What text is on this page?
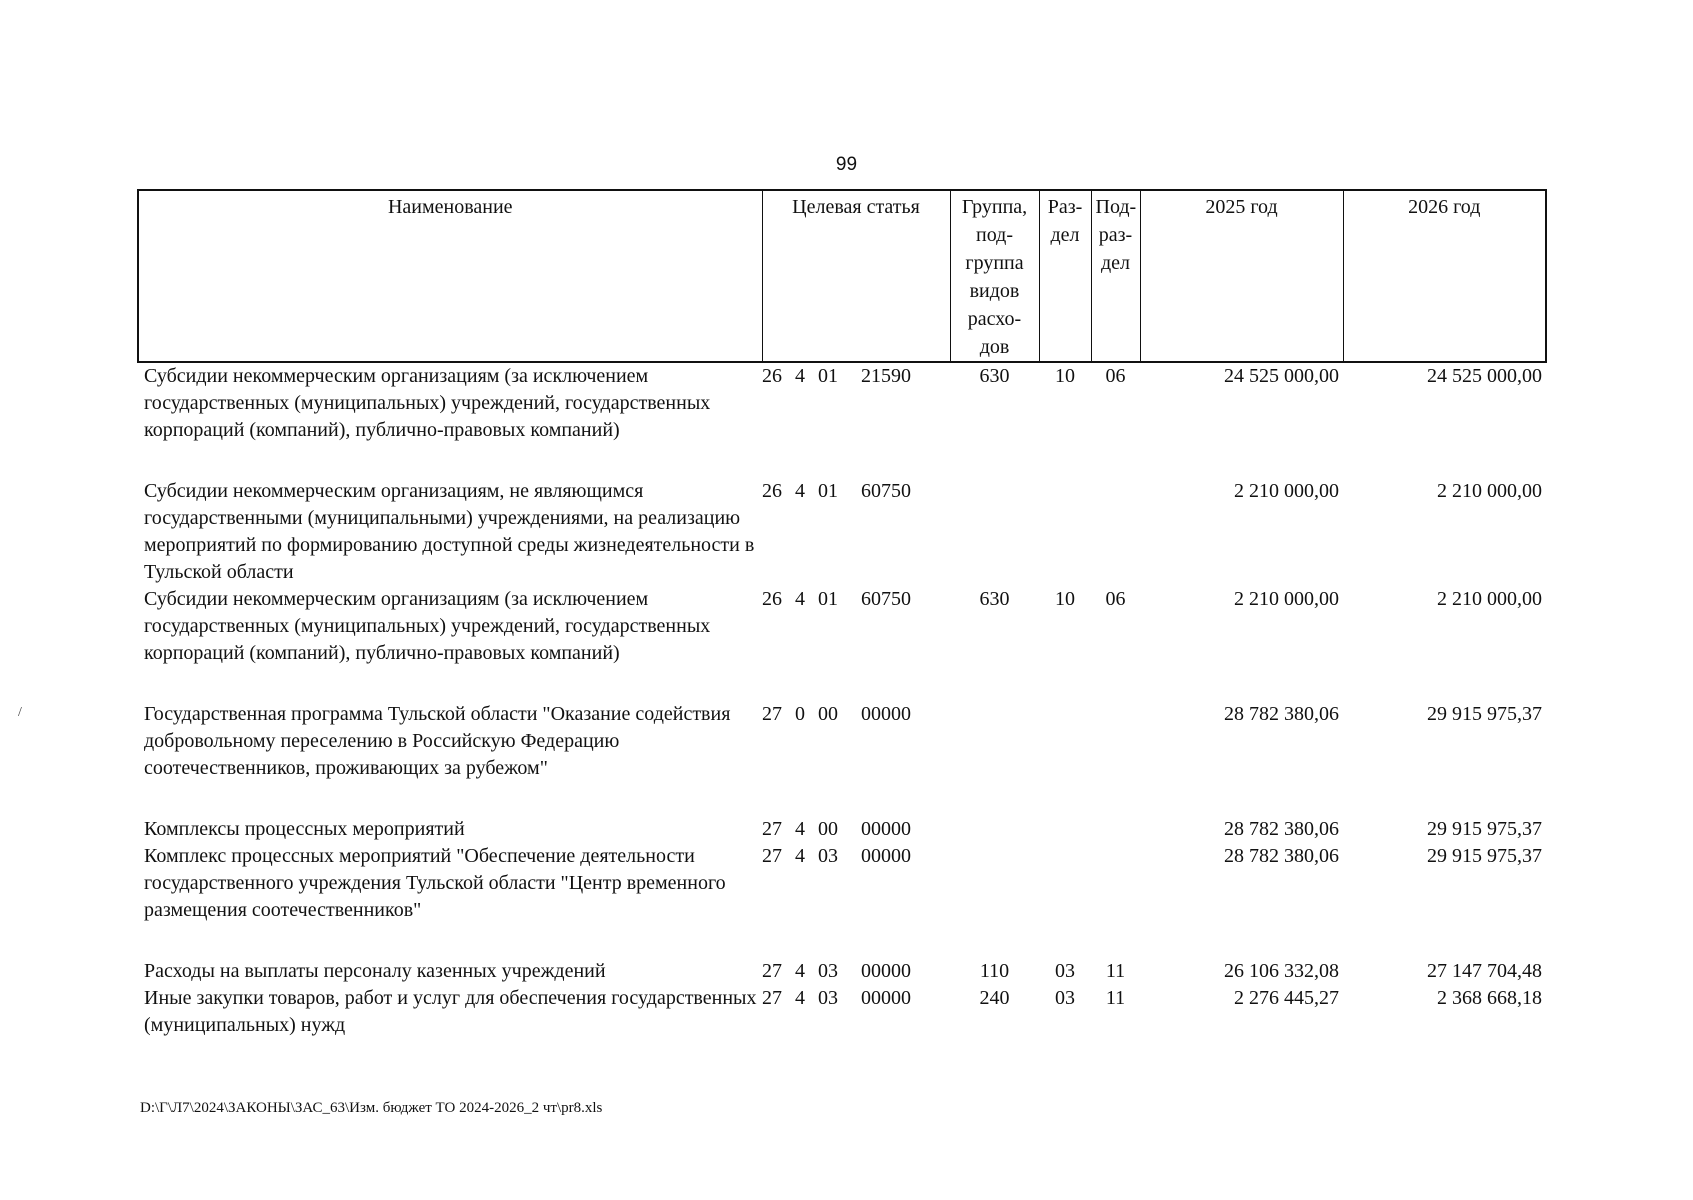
99
/
Наименование	Целевая статья	Группа, под-группа видов расхо-дов	Раз-дел	Под-раз-дел	2025 год	2026 год
Субсидии некоммерческим организациям (за исключением государственных (муниципальных) учреждений, государственных корпораций (компаний), публично-правовых компаний)	26 4 01 21590	630	10	06	24 525 000,00	24 525 000,00
Субсидии некоммерческим организациям, не являющимся государственными (муниципальными) учреждениями, на реализацию мероприятий по формированию доступной среды жизнедеятельности в Тульской области	26 4 01 60750				2 210 000,00	2 210 000,00
Субсидии некоммерческим организациям (за исключением государственных (муниципальных) учреждений, государственных корпораций (компаний), публично-правовых компаний)	26 4 01 60750	630	10	06	2 210 000,00	2 210 000,00
Государственная программа Тульской области "Оказание содействия добровольному переселению в Российскую Федерацию соотечественников, проживающих за рубежом"	27 0 00 00000				28 782 380,06	29 915 975,37
Комплексы процессных мероприятий	27 4 00 00000				28 782 380,06	29 915 975,37
Комплекс процессных мероприятий "Обеспечение деятельности государственного учреждения Тульской области "Центр временного размещения соотечественников"	27 4 03 00000				28 782 380,06	29 915 975,37
Расходы на выплаты персоналу казенных учреждений	27 4 03 00000	110	03	11	26 106 332,08	27 147 704,48
Иные закупки товаров, работ и услуг для обеспечения государственных (муниципальных) нужд	27 4 03 00000	240	03	11	2 276 445,27	2 368 668,18
D:\Г\Л7\2024\ЗАКОНЫ\ЗАС_63\Изм. бюджет ТО 2024-2026_2 чт\pr8.xls
